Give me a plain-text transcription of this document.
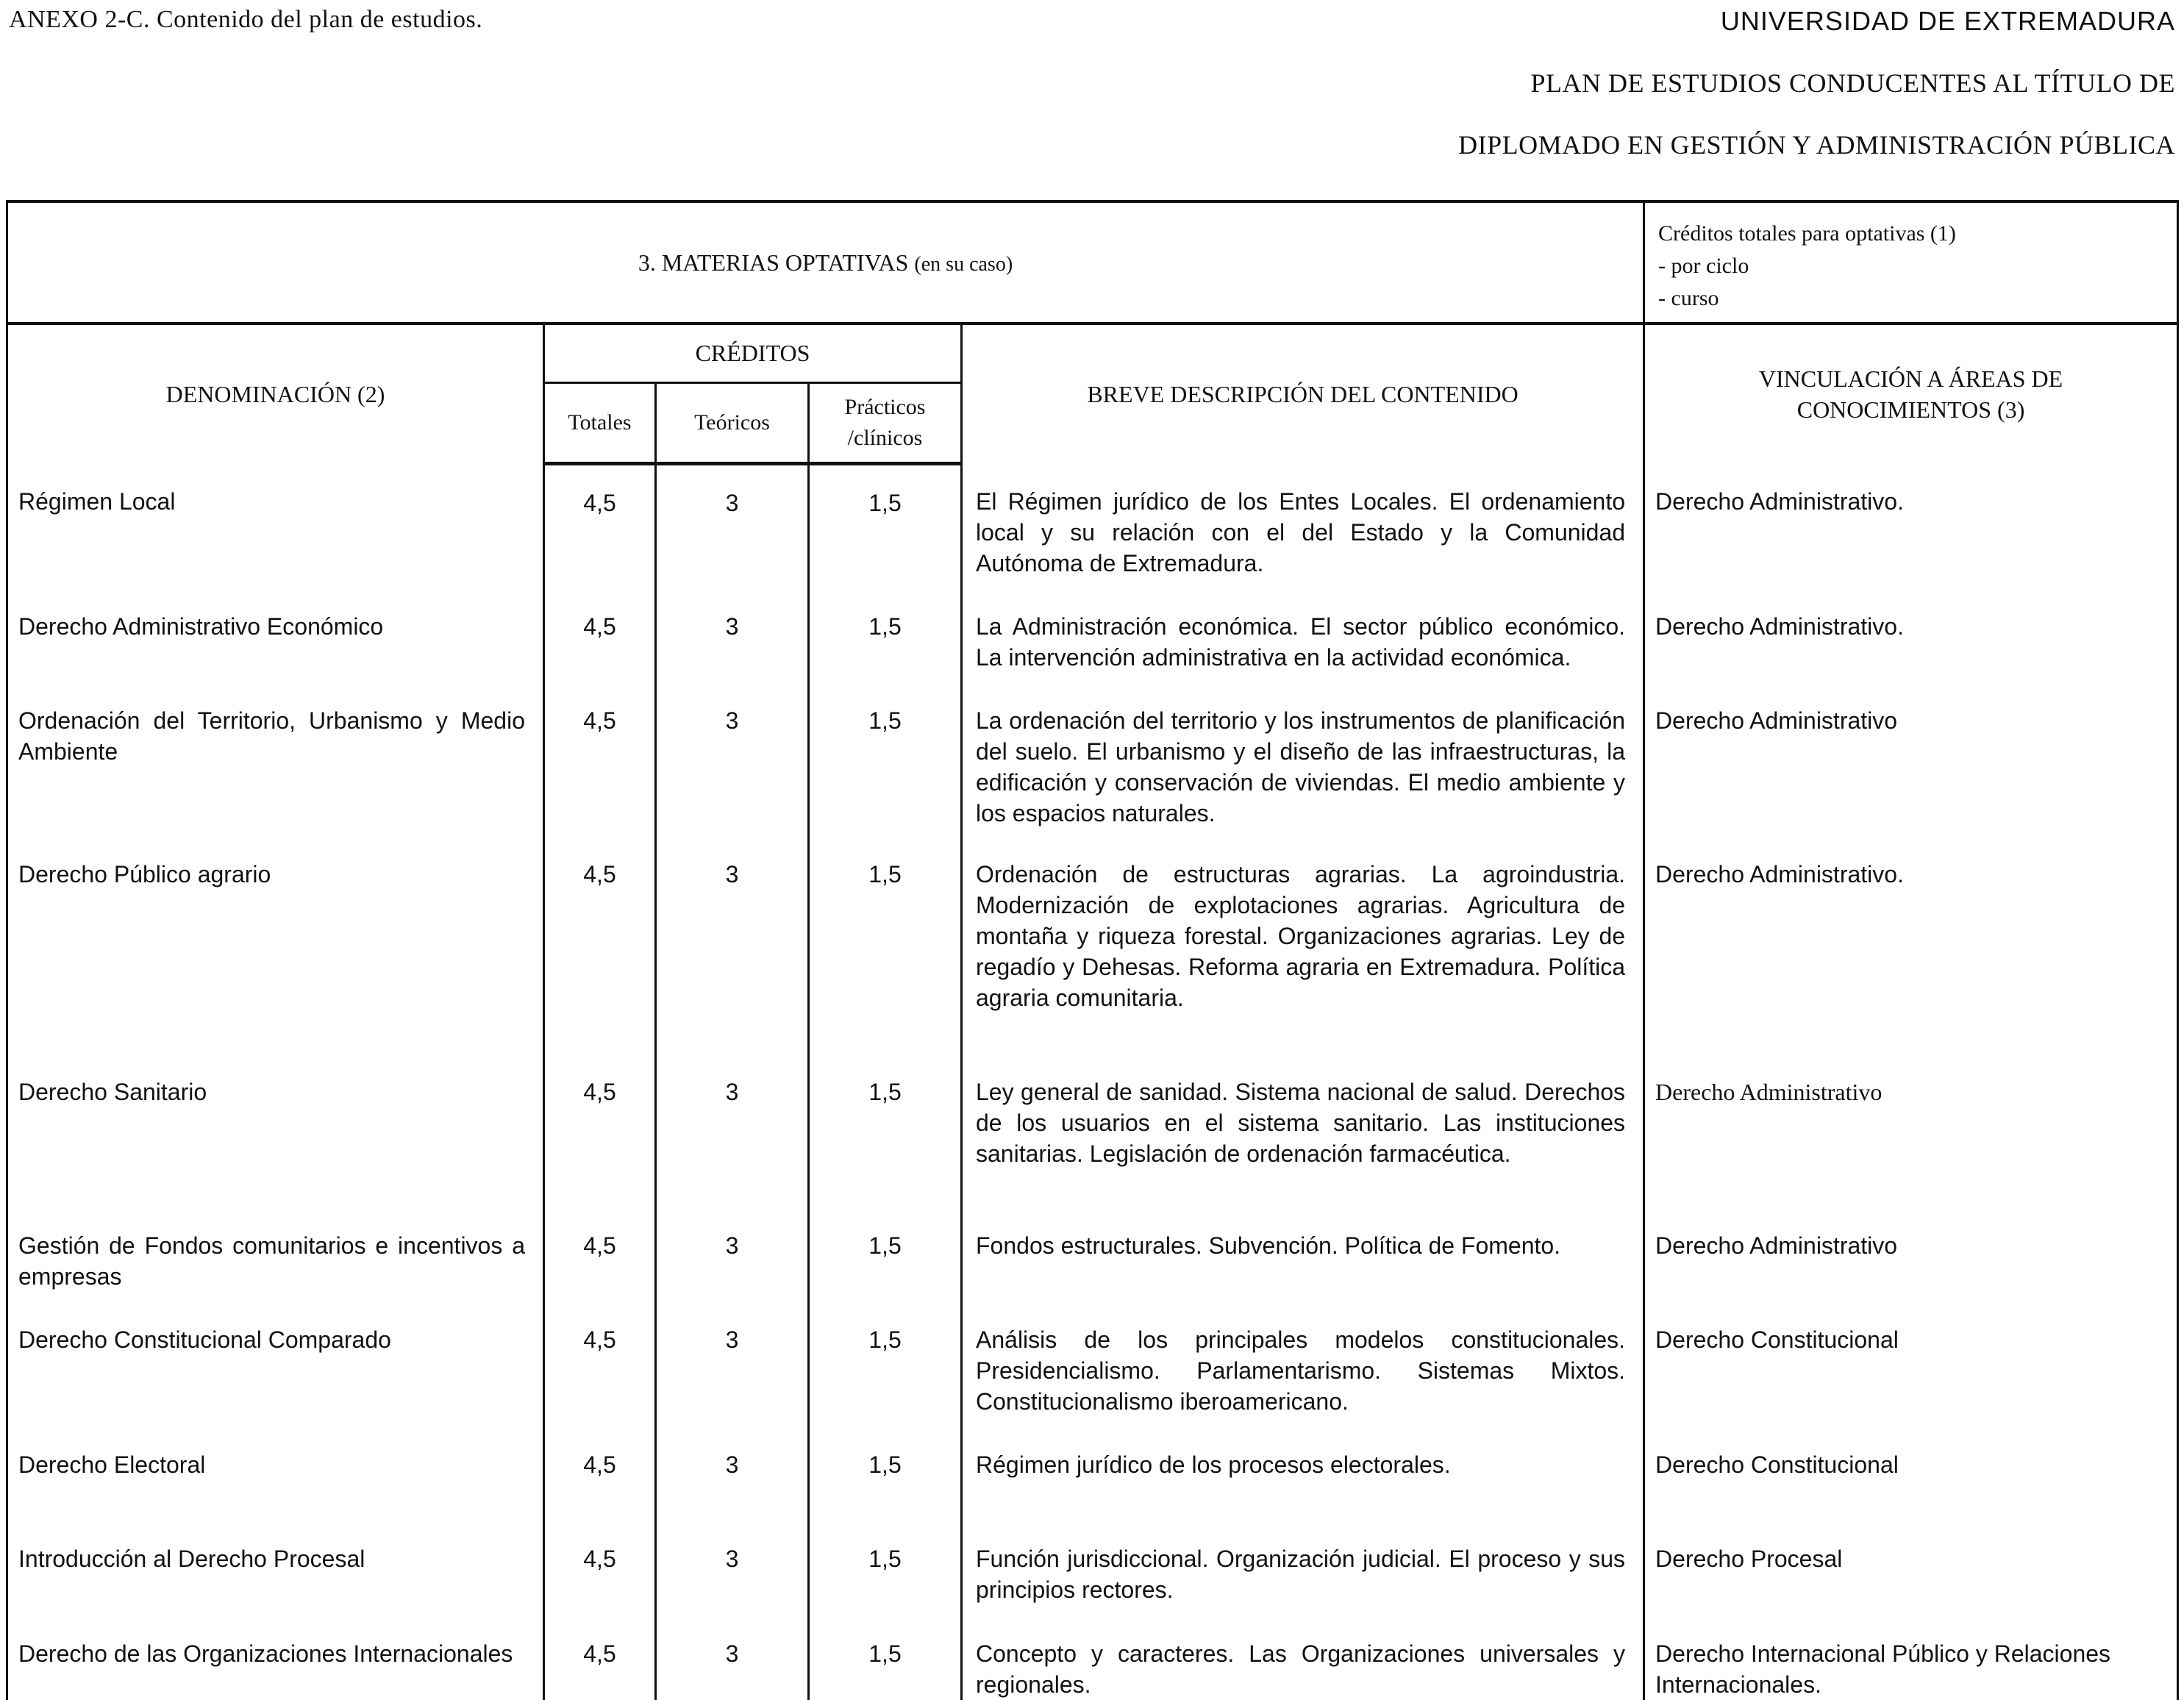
ANEXO 2-C. Contenido del plan de estudios.	UNIVERSIDAD DE EXTREMADURA
PLAN DE ESTUDIOS CONDUCENTES AL TÍTULO DE
DIPLOMADO EN GESTIÓN Y ADMINISTRACIÓN PÚBLICA
3. MATERIAS OPTATIVAS (en su caso)					Créditos totales para optativas (1)
- por ciclo
- curso

DENOMINACIÓN (2)	CRÉDITOS			BREVE DESCRIPCIÓN DEL CONTENIDO	VINCULACIÓN A ÁREAS DE
CONOCIMIENTOS (3)

	Totales	Teóricos	Prácticos
/clínicos		

Régimen Local	4,5	3	1,5	El Régimen jurídico de los Entes Locales. El ordenamiento local y su relación con el del Estado y la Comunidad Autónoma de Extremadura.	Derecho Administrativo.
Derecho Administrativo Económico	4,5	3	1,5	La Administración económica. El sector público económico. La intervención administrativa en la actividad económica.	Derecho Administrativo.
Ordenación del Territorio, Urbanismo y Medio Ambiente	4,5	3	1,5	La ordenación del territorio y los instrumentos de planificación del suelo. El urbanismo y el diseño de las infraestructuras, la edificación y conservación de viviendas. El medio ambiente y los espacios naturales.	Derecho Administrativo
Derecho Público agrario	4,5	3	1,5	Ordenación de estructuras agrarias. La agroindustria. Modernización de explotaciones agrarias. Agricultura de montaña y riqueza forestal. Organizaciones agrarias. Ley de regadío y Dehesas. Reforma agraria en Extremadura. Política agraria comunitaria.	Derecho Administrativo.
Derecho Sanitario	4,5	3	1,5	Ley general de sanidad. Sistema nacional de salud. Derechos de los usuarios en el sistema sanitario. Las instituciones sanitarias. Legislación de ordenación farmacéutica.	Derecho Administrativo
Gestión de Fondos comunitarios e incentivos a empresas	4,5	3	1,5	Fondos estructurales. Subvención. Política de Fomento.	Derecho Administrativo
Derecho Constitucional Comparado	4,5	3	1,5	Análisis de los principales modelos constitucionales. Presidencialismo. Parlamentarismo. Sistemas Mixtos. Constitucionalismo iberoamericano.	Derecho Constitucional
Derecho Electoral	4,5	3	1,5	Régimen jurídico de los procesos electorales.	Derecho Constitucional
Introducción al Derecho Procesal	4,5	3	1,5	Función jurisdiccional. Organización judicial. El proceso y sus principios rectores.	Derecho Procesal
Derecho de las Organizaciones Internacionales	4,5	3	1,5	Concepto y caracteres. Las Organizaciones universales y regionales.	Derecho Internacional Público y Relaciones Internacionales.
